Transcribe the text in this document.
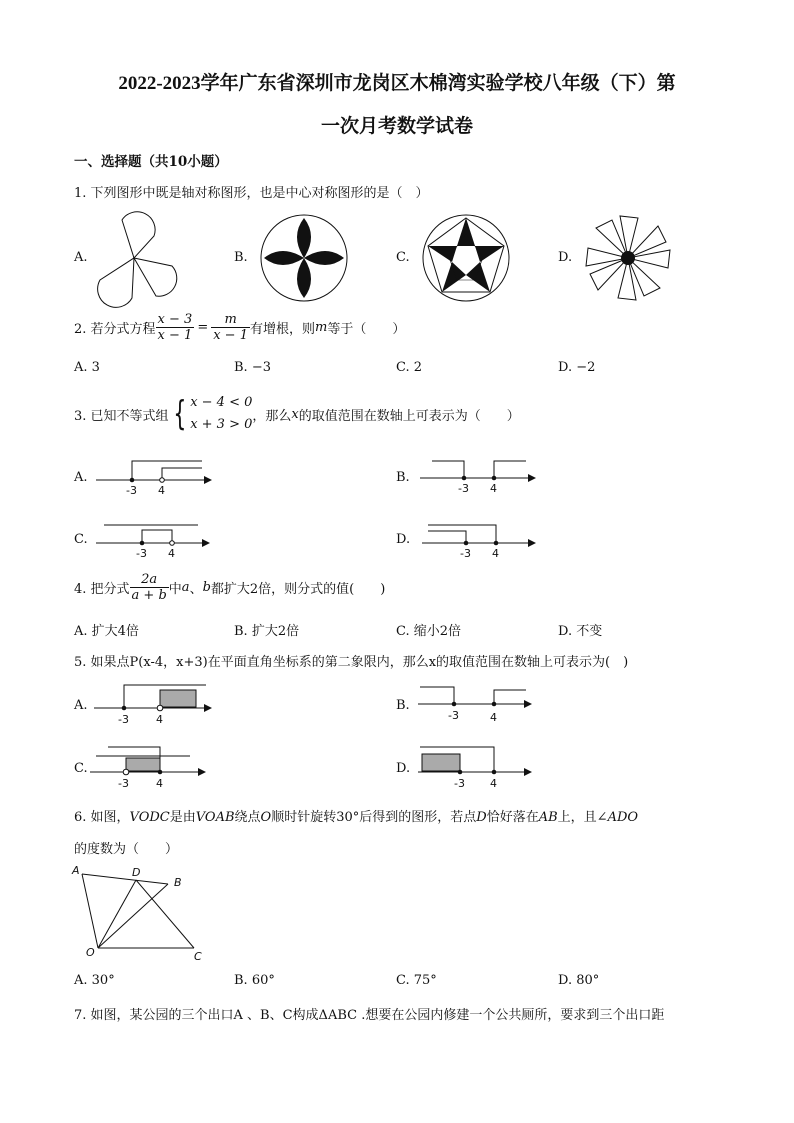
2022-2023学年广东省深圳市龙岗区木棉湾实验学校八年级（下）第
一次月考数学试卷
一、选择题（共10小题）
1. 下列图形中既是轴对称图形，也是中心对称图形的是（　）
A.	B.	C.	D.
2. 若分式方程 $\frac{x - 3}{x - 1} = \frac{m}{x - 1}$ 有增根，则 m 等于（　　）
A. 3	B. −3	C. 2	D. −2
3. 已知不等式组 { x − 4 < 0
x + 3 > 0
，那么 x 的取值范围在数轴上可表示为（　　）
A.	B.
C.	D.
-3 4	-3 4
-3 4	-3 4
4. 把分式 $\frac{2a}{a + b}$ 中 a 、 b 都扩大2倍，则分式的值(　　)
A. 扩大4倍	B. 扩大2倍	C. 缩小2倍	D. 不变
5. 如果点P(x-4，x+3)在平面直角坐标系的第二象限内，那么x的取值范围在数轴上可表示为(　)
A.	B.
C.	D.
-3 4	-3	4
-3 4	-3 4
6. 如图，VODC是由VOAB绕点O顺时针旋转30°后得到的图形，若点D恰好落在AB上，且∠ADO
的度数为（　　）
A	D
B
O	C
A. 30°	B. 60°	C. 75°	D. 80°
7. 如图，某公园的三个出口A 、B、C构成ΔABC .想要在公园内修建一个公共厕所，要求到三个出口距
